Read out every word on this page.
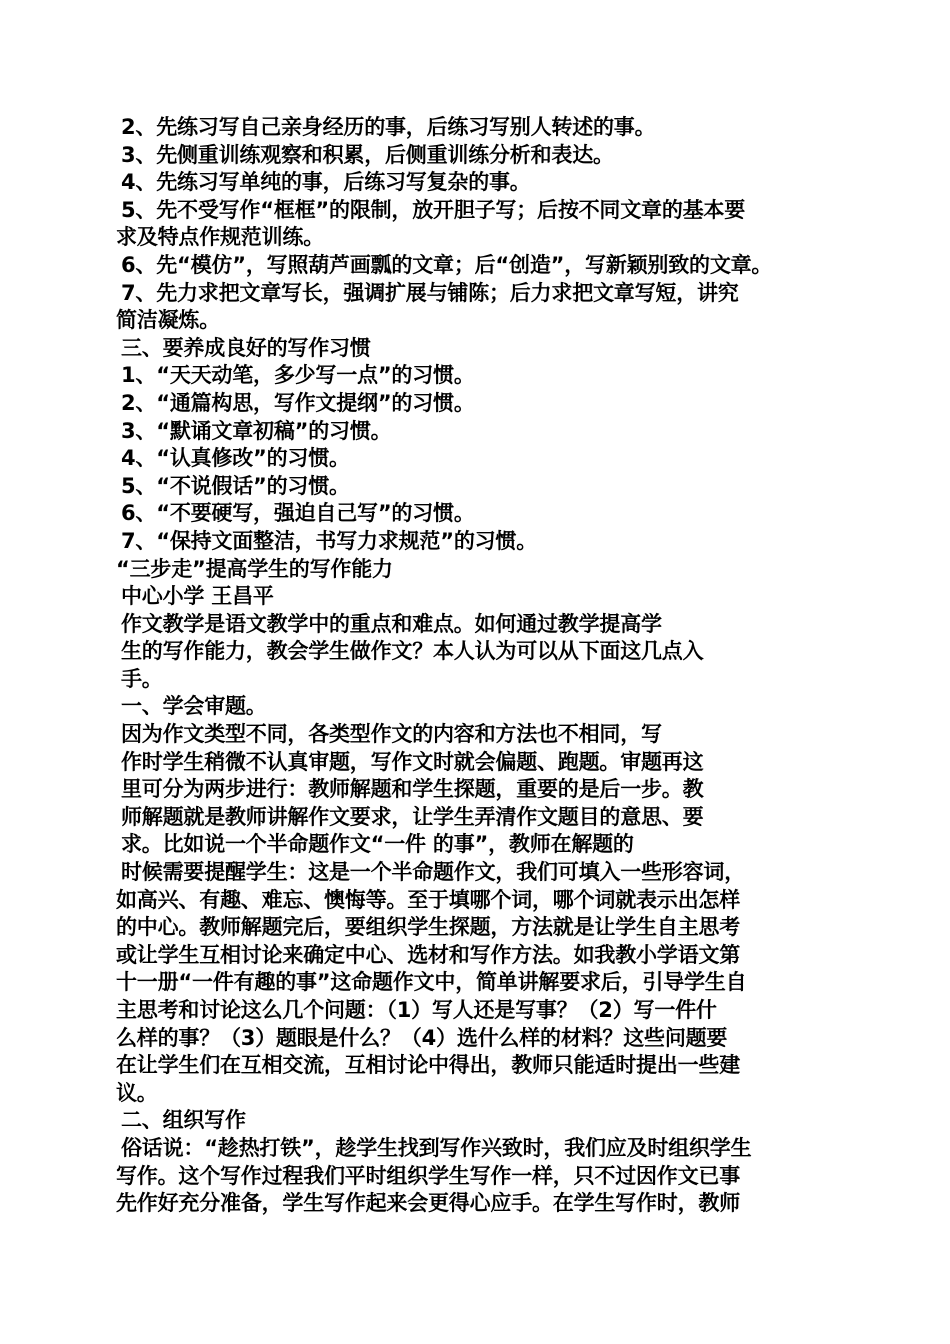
2、先练习写自己亲身经历的事，后练习写别人转述的事。
3、先侧重训练观察和积累，后侧重训练分析和表达。
4、先练习写单纯的事，后练习写复杂的事。
5、先不受写作“框框”的限制，放开胆子写；后按不同文章的基本要
求及特点作规范训练。
6、先“模仿”，写照葫芦画瓢的文章；后“创造”，写新颖别致的文章。
7、先力求把文章写长，强调扩展与铺陈；后力求把文章写短，讲究
简洁凝炼。
三、要养成良好的写作习惯
1、“天天动笔，多少写一点”的习惯。
2、“通篇构思，写作文提纲”的习惯。
3、“默诵文章初稿”的习惯。
4、“认真修改”的习惯。
5、“不说假话”的习惯。
6、“不要硬写，强迫自己写”的习惯。
7、“保持文面整洁，书写力求规范”的习惯。
“三步走”提高学生的写作能力
中心小学 王昌平
作文教学是语文教学中的重点和难点。如何通过教学提高学
生的写作能力，教会学生做作文？本人认为可以从下面这几点入
手。
一、学会审题。
因为作文类型不同，各类型作文的内容和方法也不相同，写
作时学生稍微不认真审题，写作文时就会偏题、跑题。审题再这
里可分为两步进行：教师解题和学生探题，重要的是后一步。教
师解题就是教师讲解作文要求，让学生弄清作文题目的意思、要
求。比如说一个半命题作文“一件 的事”，教师在解题的
时候需要提醒学生：这是一个半命题作文，我们可填入一些形容词，
如高兴、有趣、难忘、懊悔等。至于填哪个词，哪个词就表示出怎样
的中心。教师解题完后，要组织学生探题，方法就是让学生自主思考
或让学生互相讨论来确定中心、选材和写作方法。如我教小学语文第
十一册“一件有趣的事”这命题作文中，简单讲解要求后，引导学生自
主思考和讨论这么几个问题：（1）写人还是写事？（2）写一件什
么样的事？（3）题眼是什么？（4）选什么样的材料？这些问题要
在让学生们在互相交流，互相讨论中得出，教师只能适时提出一些建
议。
二、组织写作
俗话说：“趁热打铁”，趁学生找到写作兴致时，我们应及时组织学生
写作。这个写作过程我们平时组织学生写作一样，只不过因作文已事
先作好充分准备，学生写作起来会更得心应手。在学生写作时，教师
